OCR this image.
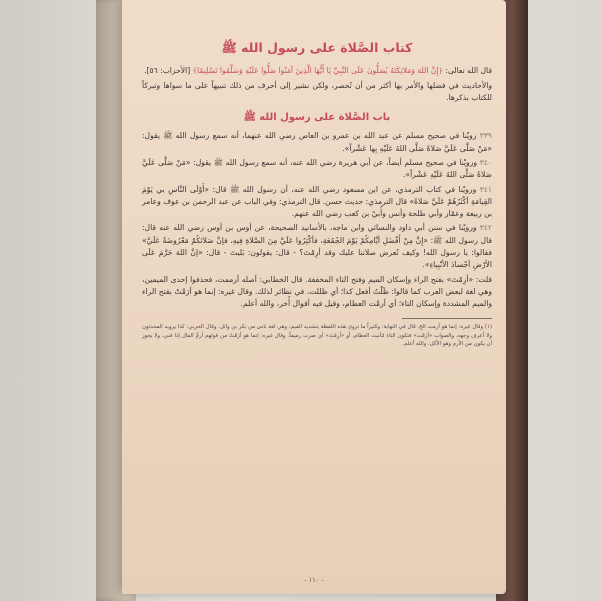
كتاب الصَّلاة على رسول الله ﷺ

قال الله تعالى: ﴿إِنَّ اللهَ وَمَلائِكَتَهُ يُصَلُّونَ عَلَى النَّبِيِّ يَا أَيُّهَا الَّذِينَ آمَنُوا صَلُّوا عَلَيْهِ وَسَلِّمُوا تَسْلِيمًا﴾ [الأحزاب: ٥٦].

والأحاديث في فضلها والأمر بها أكثر من أن تُحصر، ولكن نشير إلى أحرف من ذلك تنبيهاً على ما سواها وتبركاً للكتاب بذكرها.

باب الصَّلاة على رسول الله ﷺ

٣٣٩ رويْنا في صحيح مسلم عن عبد الله بن عمرو بن العاص رضي الله عنهما، أنه سمع رسول الله ﷺ يقول: «مَنْ صَلَّى عَلَيَّ صَلاةً صَلَّى اللهُ عَلَيْهِ بِها عَشْراً».

٣٤٠ ورويْنا في صحيح مسلم أيضاً، عن أبي هريرة رضي الله عنه، أنه سمع رسول الله ﷺ يقول: «مَنْ صَلَّى عَلَيَّ صَلاةً صَلَّى اللهُ عَلَيْهِ عَشْراً».

٣٤١ ورويْنا في كتاب الترمذي، عن ابن مسعود رضي الله عنه، أن رسول الله ﷺ قال: «أَوْلَى النَّاسِ بي يَوْمَ القِيامَةِ أكْثَرُهُمْ عَلَيَّ صَلاةً» قال الترمذي: حديث حسن. قال الترمذي: وفي الباب عن عبد الرحمن بن عوف وعامر بن ربيعة وعمّار وأبي طلحة وأنس وأُبيّ بن كعب رضي الله عنهم.

٣٤٢ ورويْنا في سنن أبي داود والنسائي وابن ماجه، بالأسانيد الصحيحة، عن أوس بن أوس رضي الله عنه قال: قال رسول الله ﷺ: «إِنَّ مِنْ أَفْضَلِ أيَّامِكُمْ يَوْمَ الجُمُعَةِ، فأكْثِرُوا عَلَيَّ مِنَ الصَّلاةِ فِيهِ، فإنَّ صَلاتَكُمْ مَعْرُوضَةٌ عَلَيَّ» فقالوا: يا رسول الله! وكيف تُعرض صلاتنا عليك وقد أرِمْتَ؟ - قال: يقولون: بَليتَ - قال: «إنَّ اللهَ حَرَّمَ عَلَى الأرْضِ أجْسادَ الأنْبِياءِ».

قلت: «أرِمْتَ» بفتح الراء وإسكان الميم وفتح التاء المخففة. قال الخطابي: أصله أرممت، فحذفوا إحدى الميمين، وهي لغة لبعض العرب كما قالوا: ظَلْتُ أفعل كذا؛ أي ظللت، في نظائر لذلك. وقال غيره: إنما هو أرَمَّتْ بفتح الراء والميم المشددة وإسكان التاء؛ أي أرمَّت العظام، وقيل فيه أقوال أُخر، والله أعلم.

(١) وقال غيره: إنما هو أرمت الخ. قال في النهاية: وكثيراً ما تروى هذه اللفظة بتشديد الميم، وهي لغة ناس من بكر بن وائل. وقال الحربي: كذا يرويه المحدثون ولا أعرف وجهه، والصواب «أرَمَّت» فتكون التاء لتأنيث العظام، أو «أرِمْتَ» أي صرت رميماً. وقال غيره: إنما هو أرَمَّتْ من قولهم أرمَّ المال إذا فني، ولا يجوز أن يكون من الأرم وهو الأكل، والله أعلم.
- ١١٠ -
